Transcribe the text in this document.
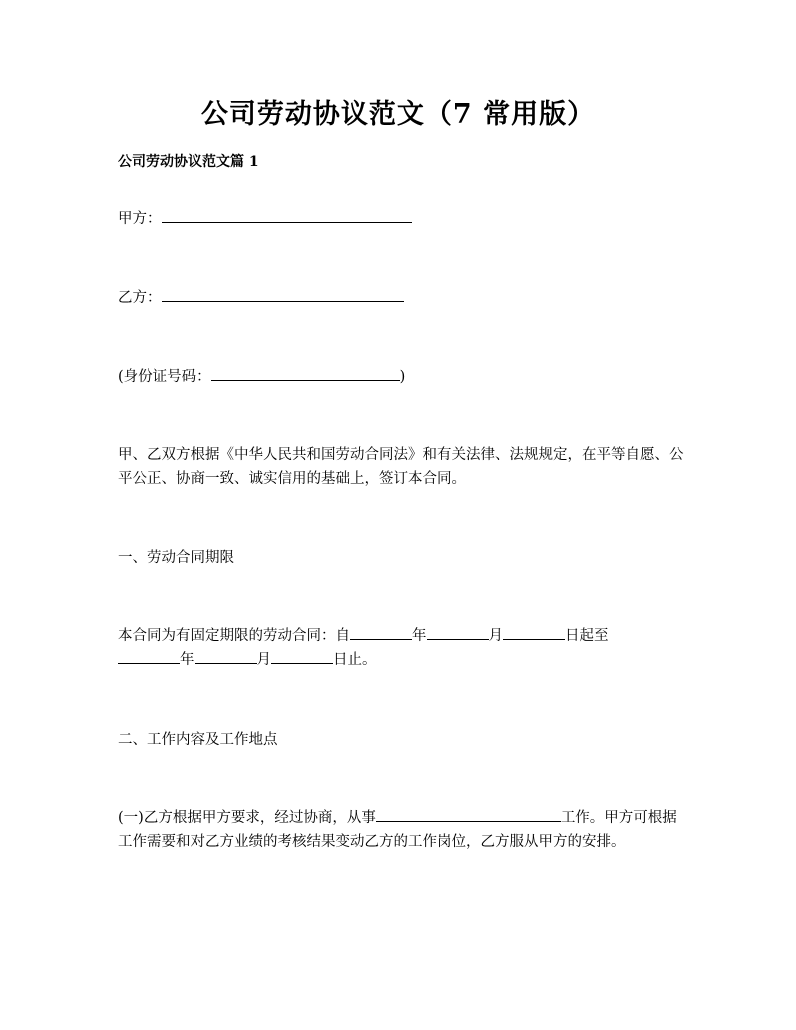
公司劳动协议范文（7 常用版）
公司劳动协议范文篇 1
甲方：
乙方：
(身份证号码：	)
甲、乙双方根据《中华人民共和国劳动合同法》和有关法律、法规规定，在平等自愿、公平公正、协商一致、诚实信用的基础上，签订本合同。
一、劳动合同期限
本合同为有固定期限的劳动合同：自	年	月	日起至年	月	日止。
二、工作内容及工作地点
(一)乙方根据甲方要求，经过协商，从事	工作。甲方可根据工作需要和对乙方业绩的考核结果变动乙方的工作岗位，乙方服从甲方的安排。
